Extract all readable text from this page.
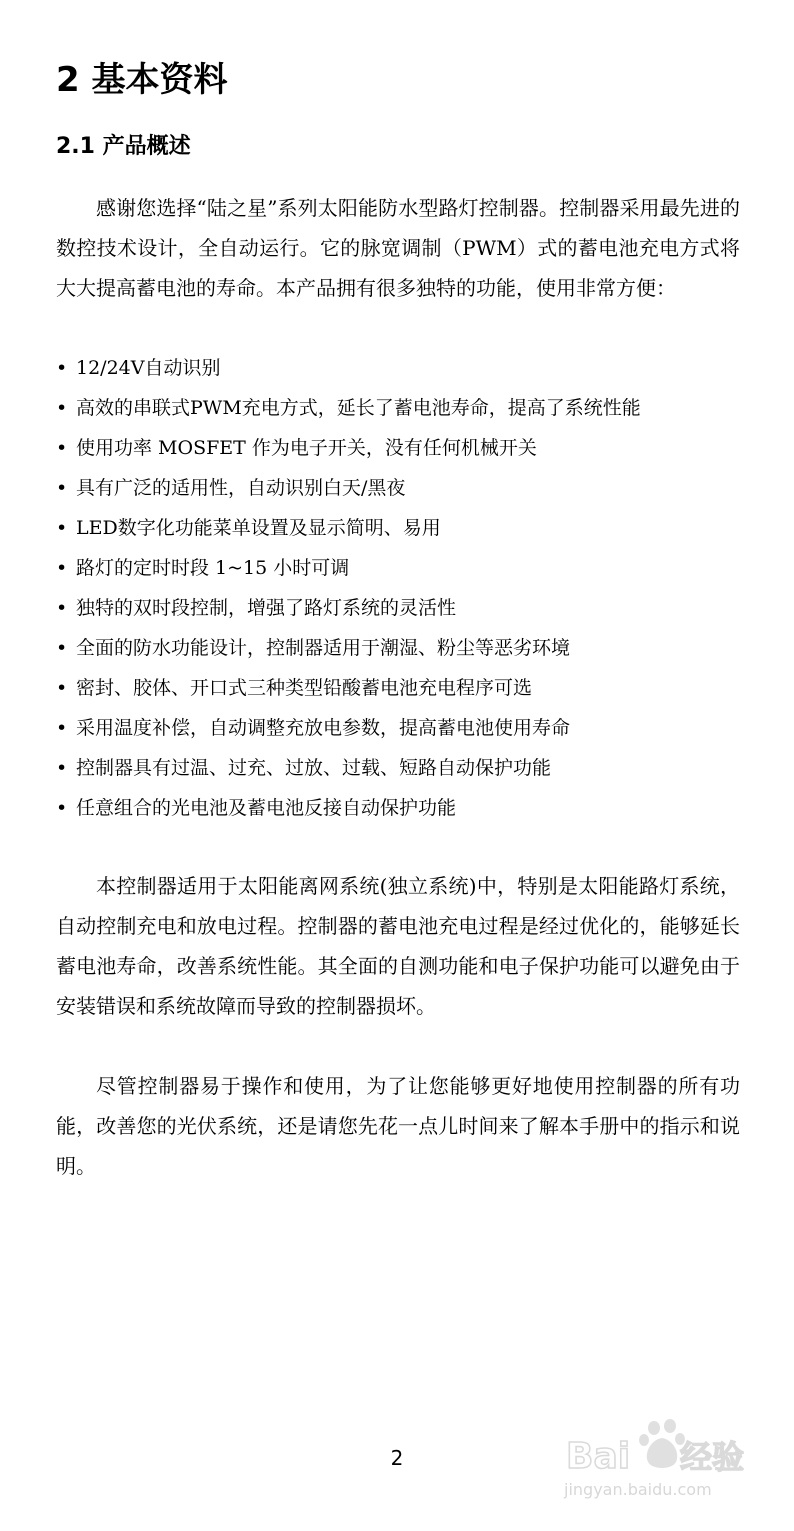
2 基本资料
2.1 产品概述

感谢您选择“陆之星”系列太阳能防水型路灯控制器。控制器采用最先进的数控技术设计，全自动运行。它的脉宽调制（PWM）式的蓄电池充电方式将大大提高蓄电池的寿命。本产品拥有很多独特的功能，使用非常方便：

• 12/24V自动识别
• 高效的串联式PWM充电方式，延长了蓄电池寿命，提高了系统性能
• 使用功率 MOSFET 作为电子开关，没有任何机械开关
• 具有广泛的适用性，自动识别白天/黑夜
• LED数字化功能菜单设置及显示简明、易用
• 路灯的定时时段 1~15 小时可调
• 独特的双时段控制，增强了路灯系统的灵活性
• 全面的防水功能设计，控制器适用于潮湿、粉尘等恶劣环境
• 密封、胶体、开口式三种类型铅酸蓄电池充电程序可选
• 采用温度补偿，自动调整充放电参数，提高蓄电池使用寿命
• 控制器具有过温、过充、过放、过载、短路自动保护功能
• 任意组合的光电池及蓄电池反接自动保护功能

本控制器适用于太阳能离网系统(独立系统)中，特别是太阳能路灯系统，自动控制充电和放电过程。控制器的蓄电池充电过程是经过优化的，能够延长蓄电池寿命，改善系统性能。其全面的自测功能和电子保护功能可以避免由于安装错误和系统故障而导致的控制器损坏。

尽管控制器易于操作和使用，为了让您能够更好地使用控制器的所有功能，改善您的光伏系统，还是请您先花一点儿时间来了解本手册中的指示和说明。

2	Bai 经验
jingyan.baidu.com
